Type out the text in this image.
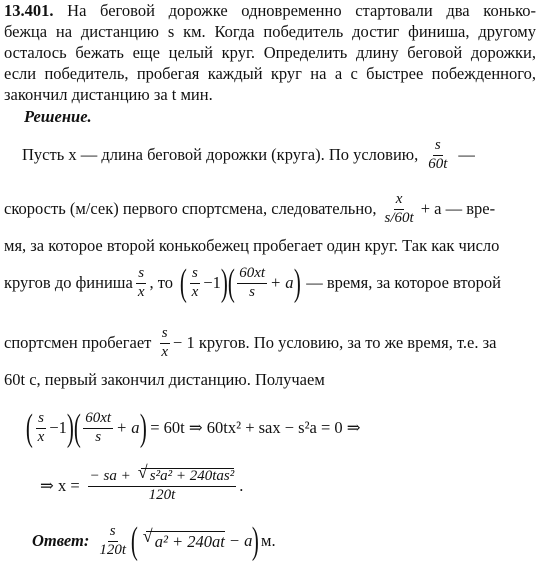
13.401. На беговой дорожке одновременно стартовали два конько-
бежца на дистанцию s км. Когда победитель достиг финиша, другому
осталось бежать еще целый круг. Определить длину беговой дорожки,
если победитель, пробегая каждый круг на a с быстрее побежденного,
закончил дистанцию за t мин.
Решение.
Пусть x — длина беговой дорожки (круга). По условию, $\frac{s}{60t}$ —
скорость (м/сек) первого спортсмена, следовательно, $\frac{x}{s/60t} + a$ — вре-
мя, за которое второй конькобежец пробегает один круг. Так как число
кругов до финиша $\frac{s}{x}$ , то ( $\frac{s}{x} -1$ ) ( $\frac{60xt}{s} + a$ ) — время, за которое второй
спортсмен пробегает $\frac{s}{x} - 1$ кругов. По условию, за то же время, т.е. за
60t с, первый закончил дистанцию. Получаем
( $\frac{s}{x} -1$ ) ( $\frac{60xt}{s} + a$ ) = 60t ⇒ 60tx² + sax − s²a = 0 ⇒
⇒ x = − sa +	√ s²a² + 240tas²
120t .
Ответ: $\frac{s}{120t}$ (	√ a² + 240at − a ) м.
